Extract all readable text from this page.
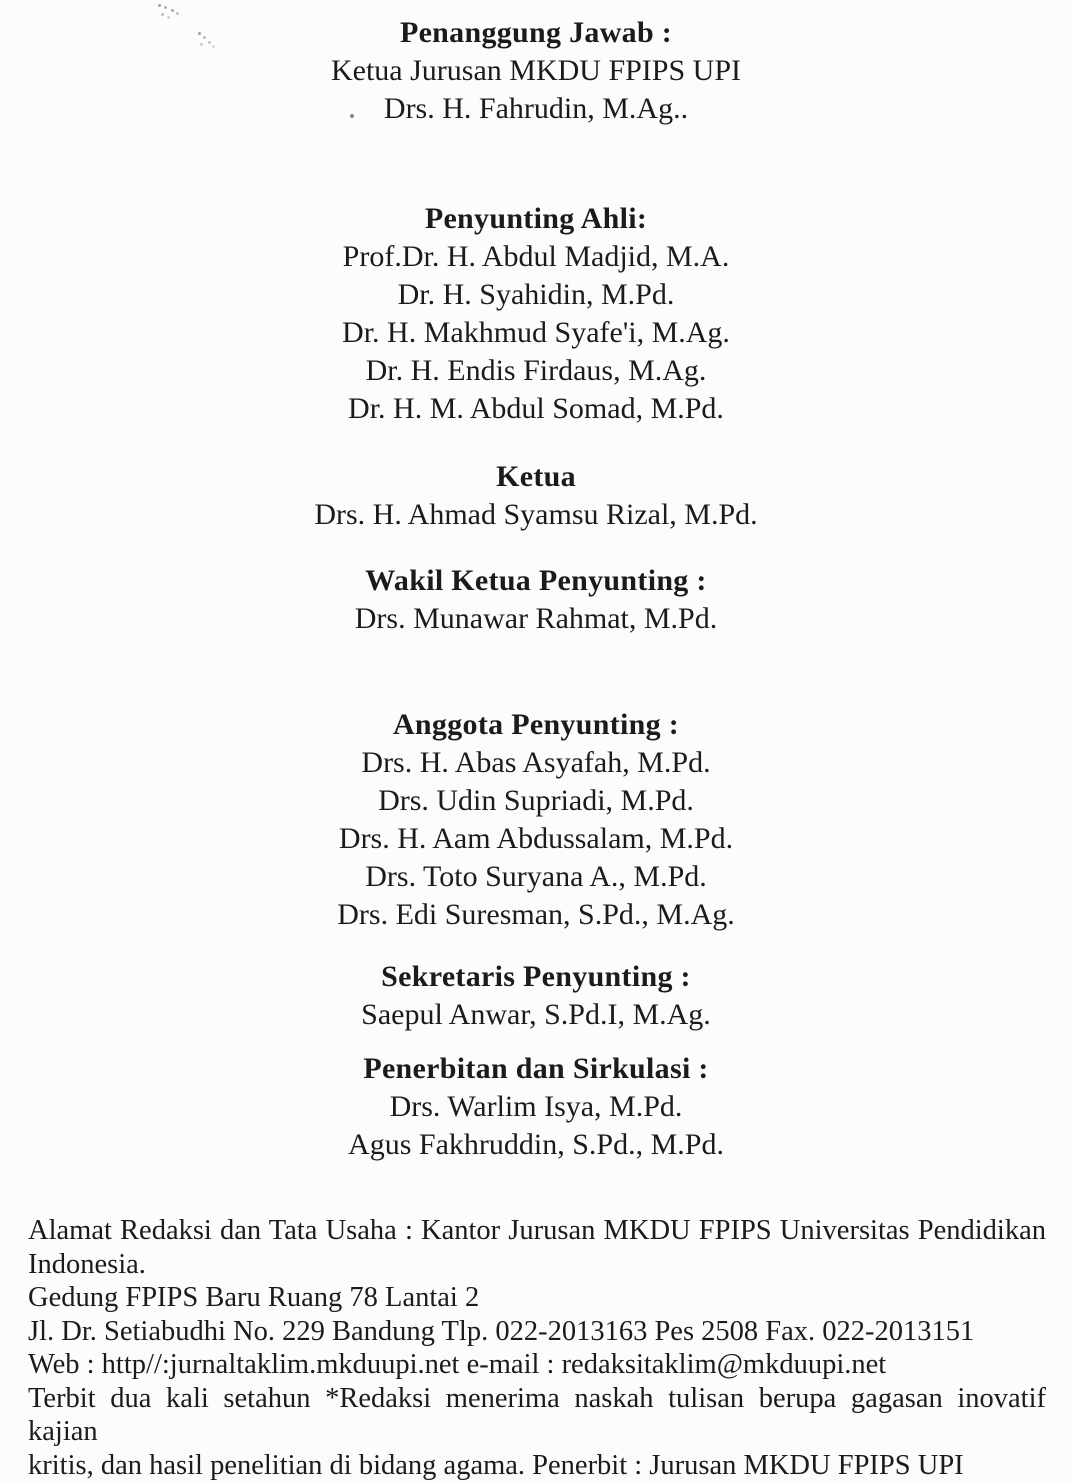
Penanggung Jawab :
Ketua Jurusan MKDU FPIPS UPI
Drs. H. Fahrudin, M.Ag..
Penyunting Ahli:
Prof.Dr. H. Abdul Madjid, M.A.
Dr. H. Syahidin, M.Pd.
Dr. H. Makhmud Syafe'i, M.Ag.
Dr. H. Endis Firdaus, M.Ag.
Dr. H. M. Abdul Somad, M.Pd.
Ketua
Drs. H. Ahmad Syamsu Rizal, M.Pd.
Wakil Ketua Penyunting :
Drs. Munawar Rahmat, M.Pd.
Anggota Penyunting :
Drs. H. Abas Asyafah, M.Pd.
Drs. Udin Supriadi, M.Pd.
Drs. H. Aam Abdussalam, M.Pd.
Drs. Toto Suryana A., M.Pd.
Drs. Edi Suresman, S.Pd., M.Ag.
Sekretaris Penyunting :
Saepul Anwar, S.Pd.I, M.Ag.
Penerbitan dan Sirkulasi :
Drs. Warlim Isya, M.Pd.
Agus Fakhruddin, S.Pd., M.Pd.
Alamat Redaksi dan Tata Usaha : Kantor Jurusan MKDU FPIPS Universitas Pendidikan
Indonesia.
Gedung FPIPS Baru Ruang 78 Lantai 2
Jl. Dr. Setiabudhi No. 229 Bandung Tlp. 022-2013163 Pes 2508 Fax. 022-2013151
Web : http//:jurnaltaklim.mkduupi.net e-mail : redaksitaklim@mkduupi.net
Terbit dua kali setahun *Redaksi menerima naskah tulisan berupa gagasan inovatif kajian
kritis, dan hasil penelitian di bidang agama. Penerbit : Jurusan MKDU FPIPS UPI
